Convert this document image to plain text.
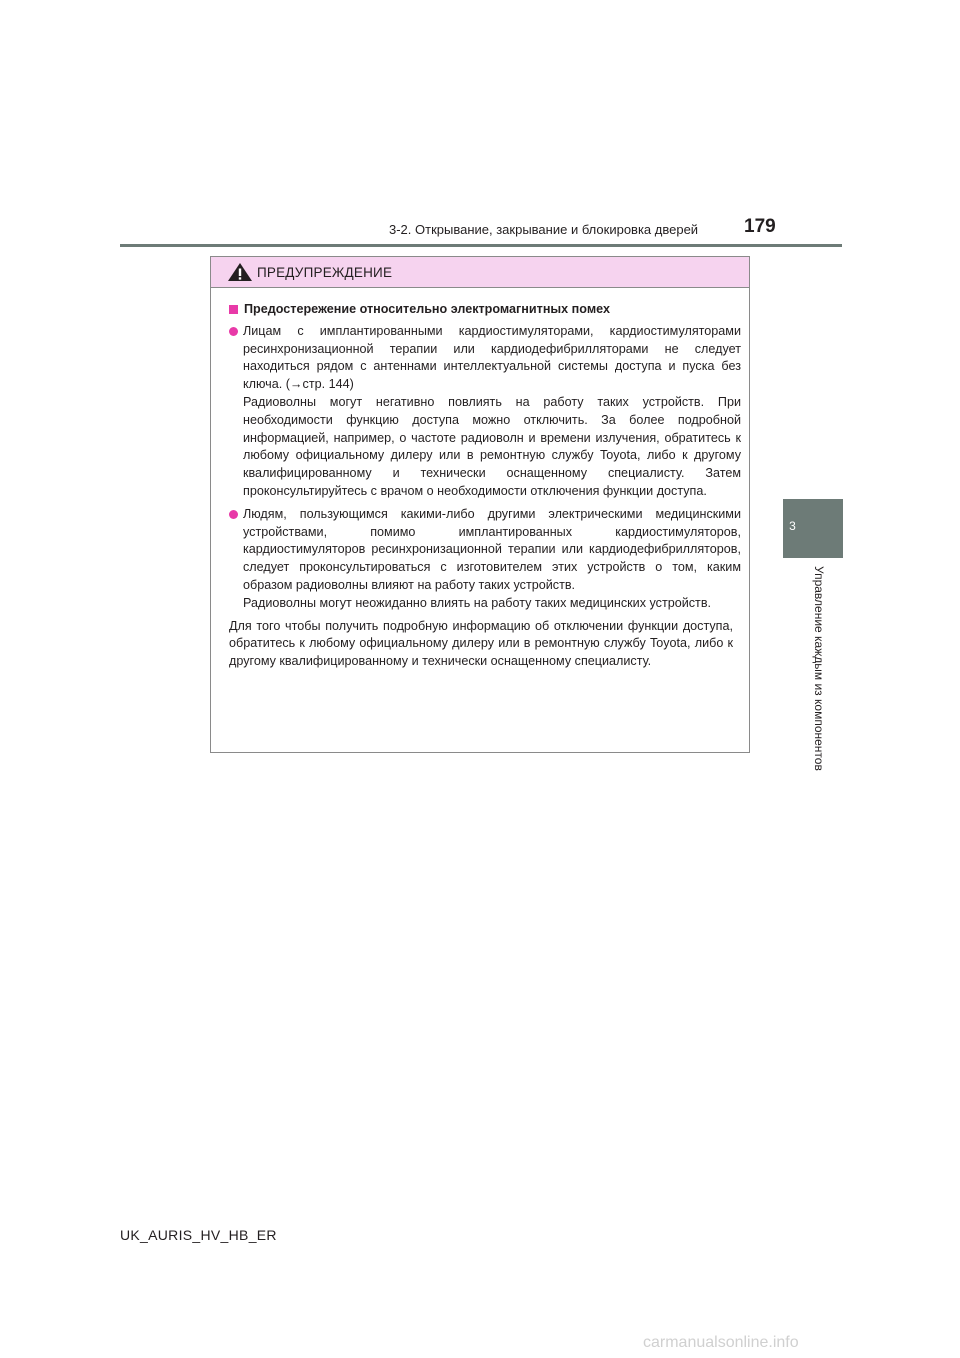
3-2. Открывание, закрывание и блокировка дверей 179
3
Управление каждым из компонентов
ПРЕДУПРЕЖДЕНИЕ
Предостережение относительно электромагнитных помех

Лицам с имплантированными кардиостимуляторами, кардиостимуляторами ресинхронизационной терапии или кардиодефибрилляторами не следует находиться рядом с антеннами интеллектуальной системы доступа и пуска без ключа. (→стр. 144)

Радиоволны могут негативно повлиять на работу таких устройств. При необходимости функцию доступа можно отключить. За более подробной информацией, например, о частоте радиоволн и времени излучения, обратитесь к любому официальному дилеру или в ремонтную службу Toyota, либо к другому квалифицированному и технически оснащенному специалисту. Затем проконсультируйтесь с врачом о необходимости отключения функции доступа.

Людям, пользующимся какими-либо другими электрическими медицинскими устройствами, помимо имплантированных кардиостимуляторов, кардиостимуляторов ресинхронизационной терапии или кардиодефибрилляторов, следует проконсультироваться с изготовителем этих устройств о том, каким образом радиоволны влияют на работу таких устройств.

Радиоволны могут неожиданно влиять на работу таких медицинских устройств.

Для того чтобы получить подробную информацию об отключении функции доступа, обратитесь к любому официальному дилеру или в ремонтную службу Toyota, либо к другому квалифицированному и технически оснащенному специалисту.

UK_AURIS_HV_HB_ER
carmanualsonline.info
